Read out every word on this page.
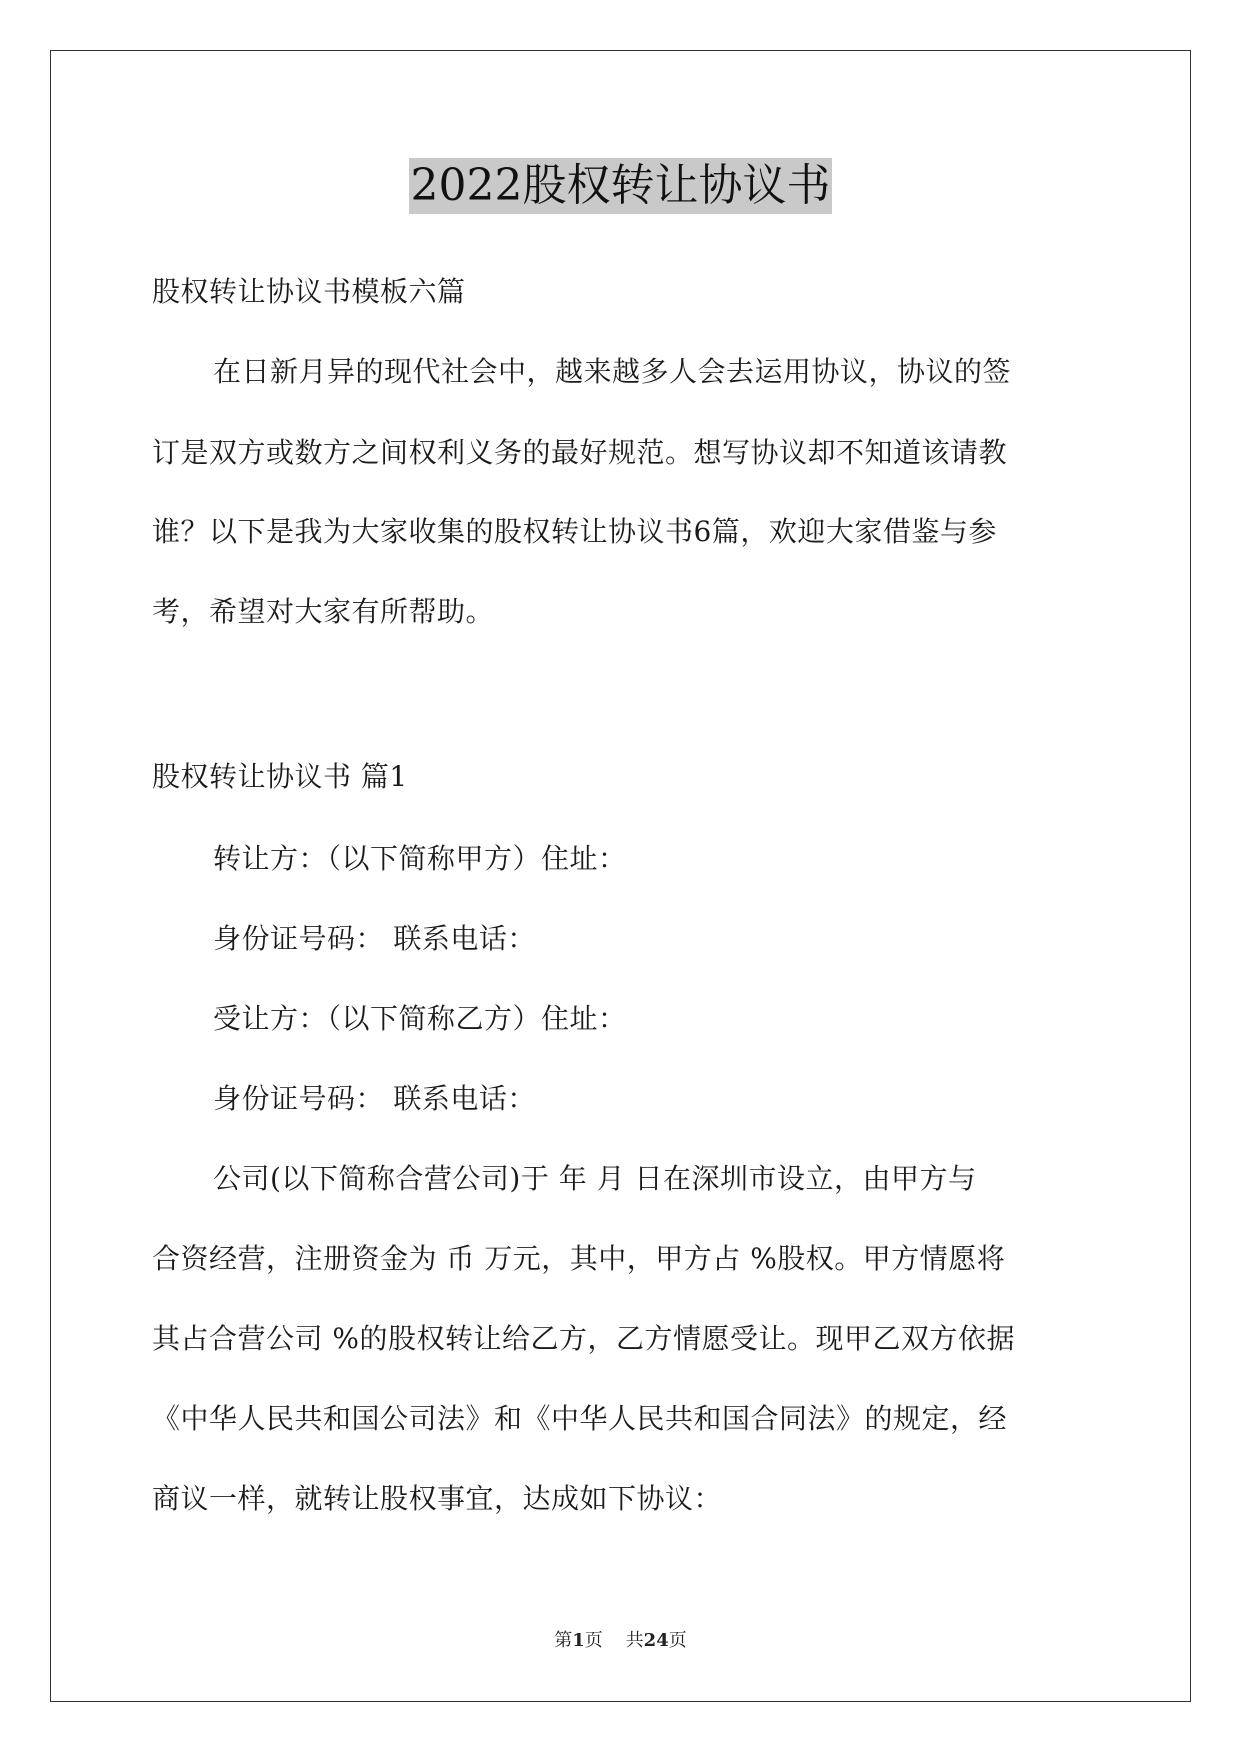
2022股权转让协议书
股权转让协议书模板六篇
在日新月异的现代社会中，越来越多人会去运用协议，协议的签
订是双方或数方之间权利义务的最好规范。想写协议却不知道该请教
谁？以下是我为大家收集的股权转让协议书6篇，欢迎大家借鉴与参
考，希望对大家有所帮助。
股权转让协议书 篇1
转让方：（以下简称甲方）住址：
身份证号码： 联系电话：
受让方：（以下简称乙方）住址：
身份证号码： 联系电话：
公司(以下简称合营公司)于 年 月 日在深圳市设立，由甲方与
合资经营，注册资金为 币 万元，其中，甲方占 %股权。甲方情愿将
其占合营公司 %的股权转让给乙方，乙方情愿受让。现甲乙双方依据
《中华人民共和国公司法》和《中华人民共和国合同法》的规定，经
商议一样，就转让股权事宜，达成如下协议：
第1页    共24页
